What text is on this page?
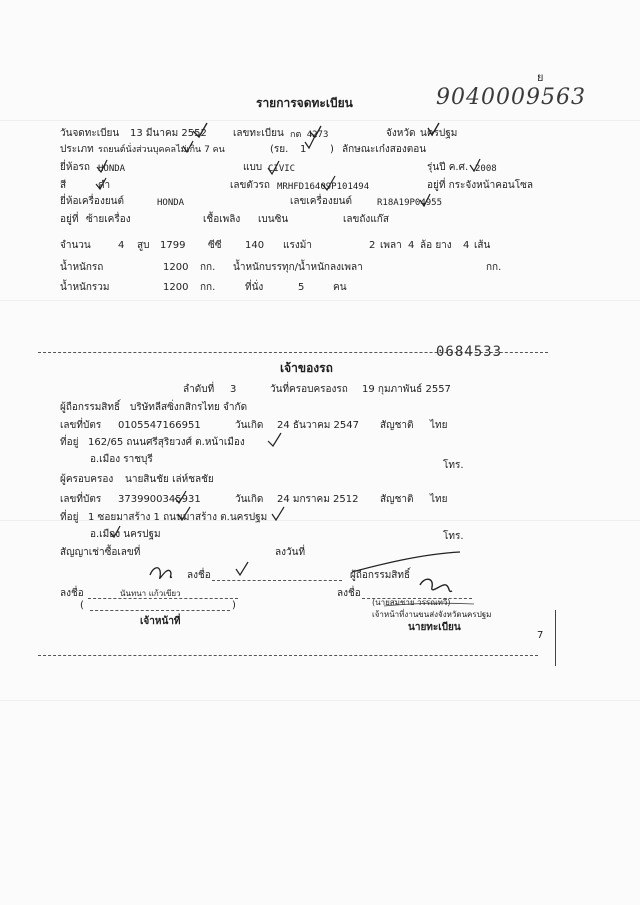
ย
9040009563
รายการจดทะเบียน
วันจดทะเบียน 13 มีนาคม 2552	เลขทะเบียน กต 4273	จังหวัด นครปฐม
ประเภท รถยนต์นั่งส่วนบุคคลไม่เกิน 7 คน	(รย. 1 ) ลักษณะเก๋งสองตอน
ยี่ห้อรถ HONDA	แบบ CIVIC	รุ่นปี ค.ศ. 2008
สี	ดำ	เลขตัวรถ MRHFD16409P101494	อยู่ที่ กระจังหน้าคอนโซล
ยี่ห้อเครื่องยนต์	HONDA	เลขเครื่องยนต์	R18A19P04955
อยู่ที่ ซ้ายเครื่อง	เชื้อเพลิง เบนซิน	เลขถังแก๊ส
จำนวน	4 สูบ 1799 ซีซี 140 แรงม้า	2 เพลา 4 ล้อ ยาง 4 เส้น
น้ำหนักรถ	1200 กก. น้ำหนักบรรทุก/น้ำหนักลงเพลา	กก.
น้ำหนักรวม	1200 กก.	ที่นั่ง	5	คน
0684533
เจ้าของรถ
ลำดับที่ 3	วันที่ครอบครองรถ 19 กุมภาพันธ์ 2557
ผู้ถือกรรมสิทธิ์ บริษัทลีสซิ่งกสิกรไทย จำกัด
เลขที่บัตร 0105547166951	วันเกิด 24 ธันวาคม 2547 สัญชาติ ไทย
ที่อยู่ 162/65 ถนนศรีสุริยวงศ์ ต.หน้าเมือง
อ.เมือง ราชบุรี
โทร.
ผู้ครอบครอง นายสินชัย เล่ห์ชลชัย
เลขที่บัตร 3739900345931	วันเกิด 24 มกราคม 2512 สัญชาติ ไทย
ที่อยู่ 1 ซอยมาสร้าง 1 ถนนมาสร้าง ต.นครปฐม
อ.เมือง นครปฐม	โทร.
สัญญาเช่าซื้อเลขที่	ลงวันที่
ลงชื่อ	ผู้ถือกรรมสิทธิ์
ลงชื่อ	นันทนา แก้วเขียว
(	)
เจ้าหน้าที่
ลงชื่อ
(นายสมชาย วรรณทวี)
เจ้าหน้าที่งานขนส่งจังหวัดนครปฐม
นายทะเบียน
7
